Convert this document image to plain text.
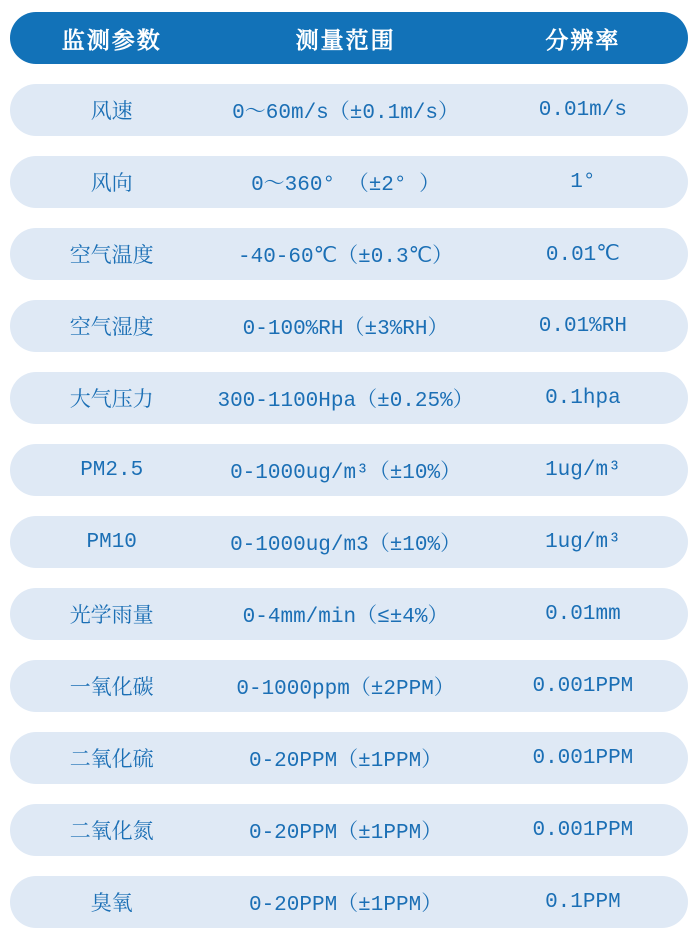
监测参数	测量范围	分辨率
风速	0～60m/s（±0.1m/s）	0.01m/s
风向	0～360° （±2° ）	1°
空气温度	-40-60℃（±0.3℃）	0.01℃
空气湿度	0-100%RH（±3%RH）	0.01%RH
大气压力	300-1100Hpa（±0.25%）	0.1hpa
PM2.5	0-1000ug/m³（±10%）	1ug/m³
PM10	0-1000ug/m3（±10%）	1ug/m³
光学雨量	0-4mm/min（≤±4%）	0.01mm
一氧化碳	0-1000ppm（±2PPM）	0.001PPM
二氧化硫	0-20PPM（±1PPM）	0.001PPM
二氧化氮	0-20PPM（±1PPM）	0.001PPM
臭氧	0-20PPM（±1PPM）	0.1PPM
